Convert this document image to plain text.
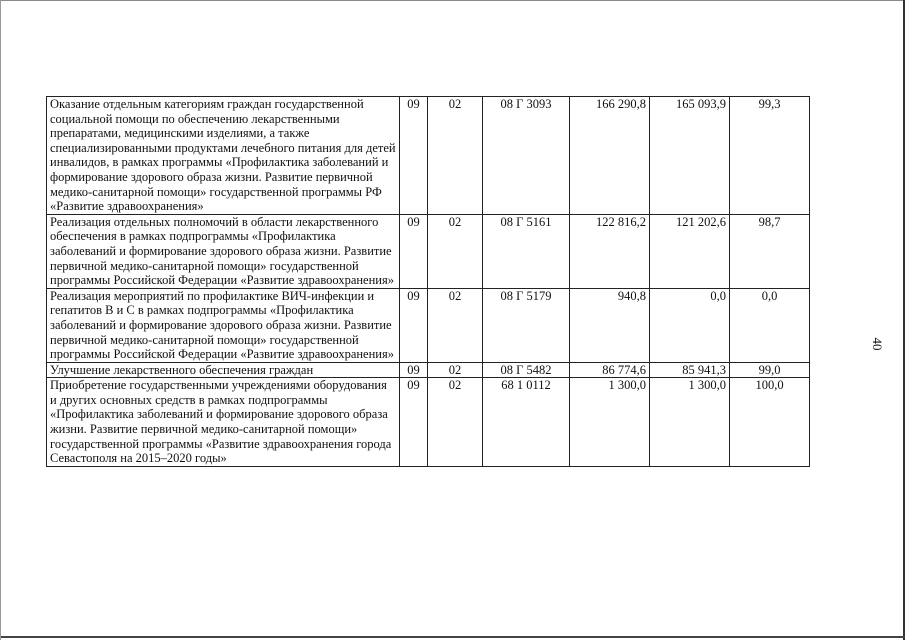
Оказание отдельным категориям граждан государственной социальной помощи по обеспечению лекарственными препаратами, медицинскими изделиями, а также специализированными продуктами лечебного питания для детей инвалидов, в рамках программы «Профилактика заболеваний и формирование здорового образа жизни. Развитие первичной медико-санитарной помощи» государственной программы РФ «Развитие здравоохранения»	09	02	08 Г 3093	166 290,8	165 093,9	99,3
Реализация отдельных полномочий в области лекарственного обеспечения в рамках подпрограммы «Профилактика заболеваний и формирование здорового образа жизни. Развитие первичной медико-санитарной помощи» государственной программы Российской Федерации «Развитие здравоохранения»	09	02	08 Г 5161	122 816,2	121 202,6	98,7
Реализация мероприятий по профилактике ВИЧ-инфекции и гепатитов В и С в рамках подпрограммы «Профилактика заболеваний и формирование здорового образа жизни. Развитие первичной медико-санитарной помощи» государственной программы Российской Федерации «Развитие здравоохранения»	09	02	08 Г 5179	940,8	0,0	0,0
Улучшение лекарственного обеспечения граждан	09	02	08 Г 5482	86 774,6	85 941,3	99,0
Приобретение государственными учреждениями оборудования и других основных средств в рамках подпрограммы «Профилактика заболеваний и формирование здорового образа жизни. Развитие первичной медико-санитарной помощи» государственной программы «Развитие здравоохранения города Севастополя на 2015–2020 годы»	09	02	68 1 0112	1 300,0	1 300,0	100,0
40
